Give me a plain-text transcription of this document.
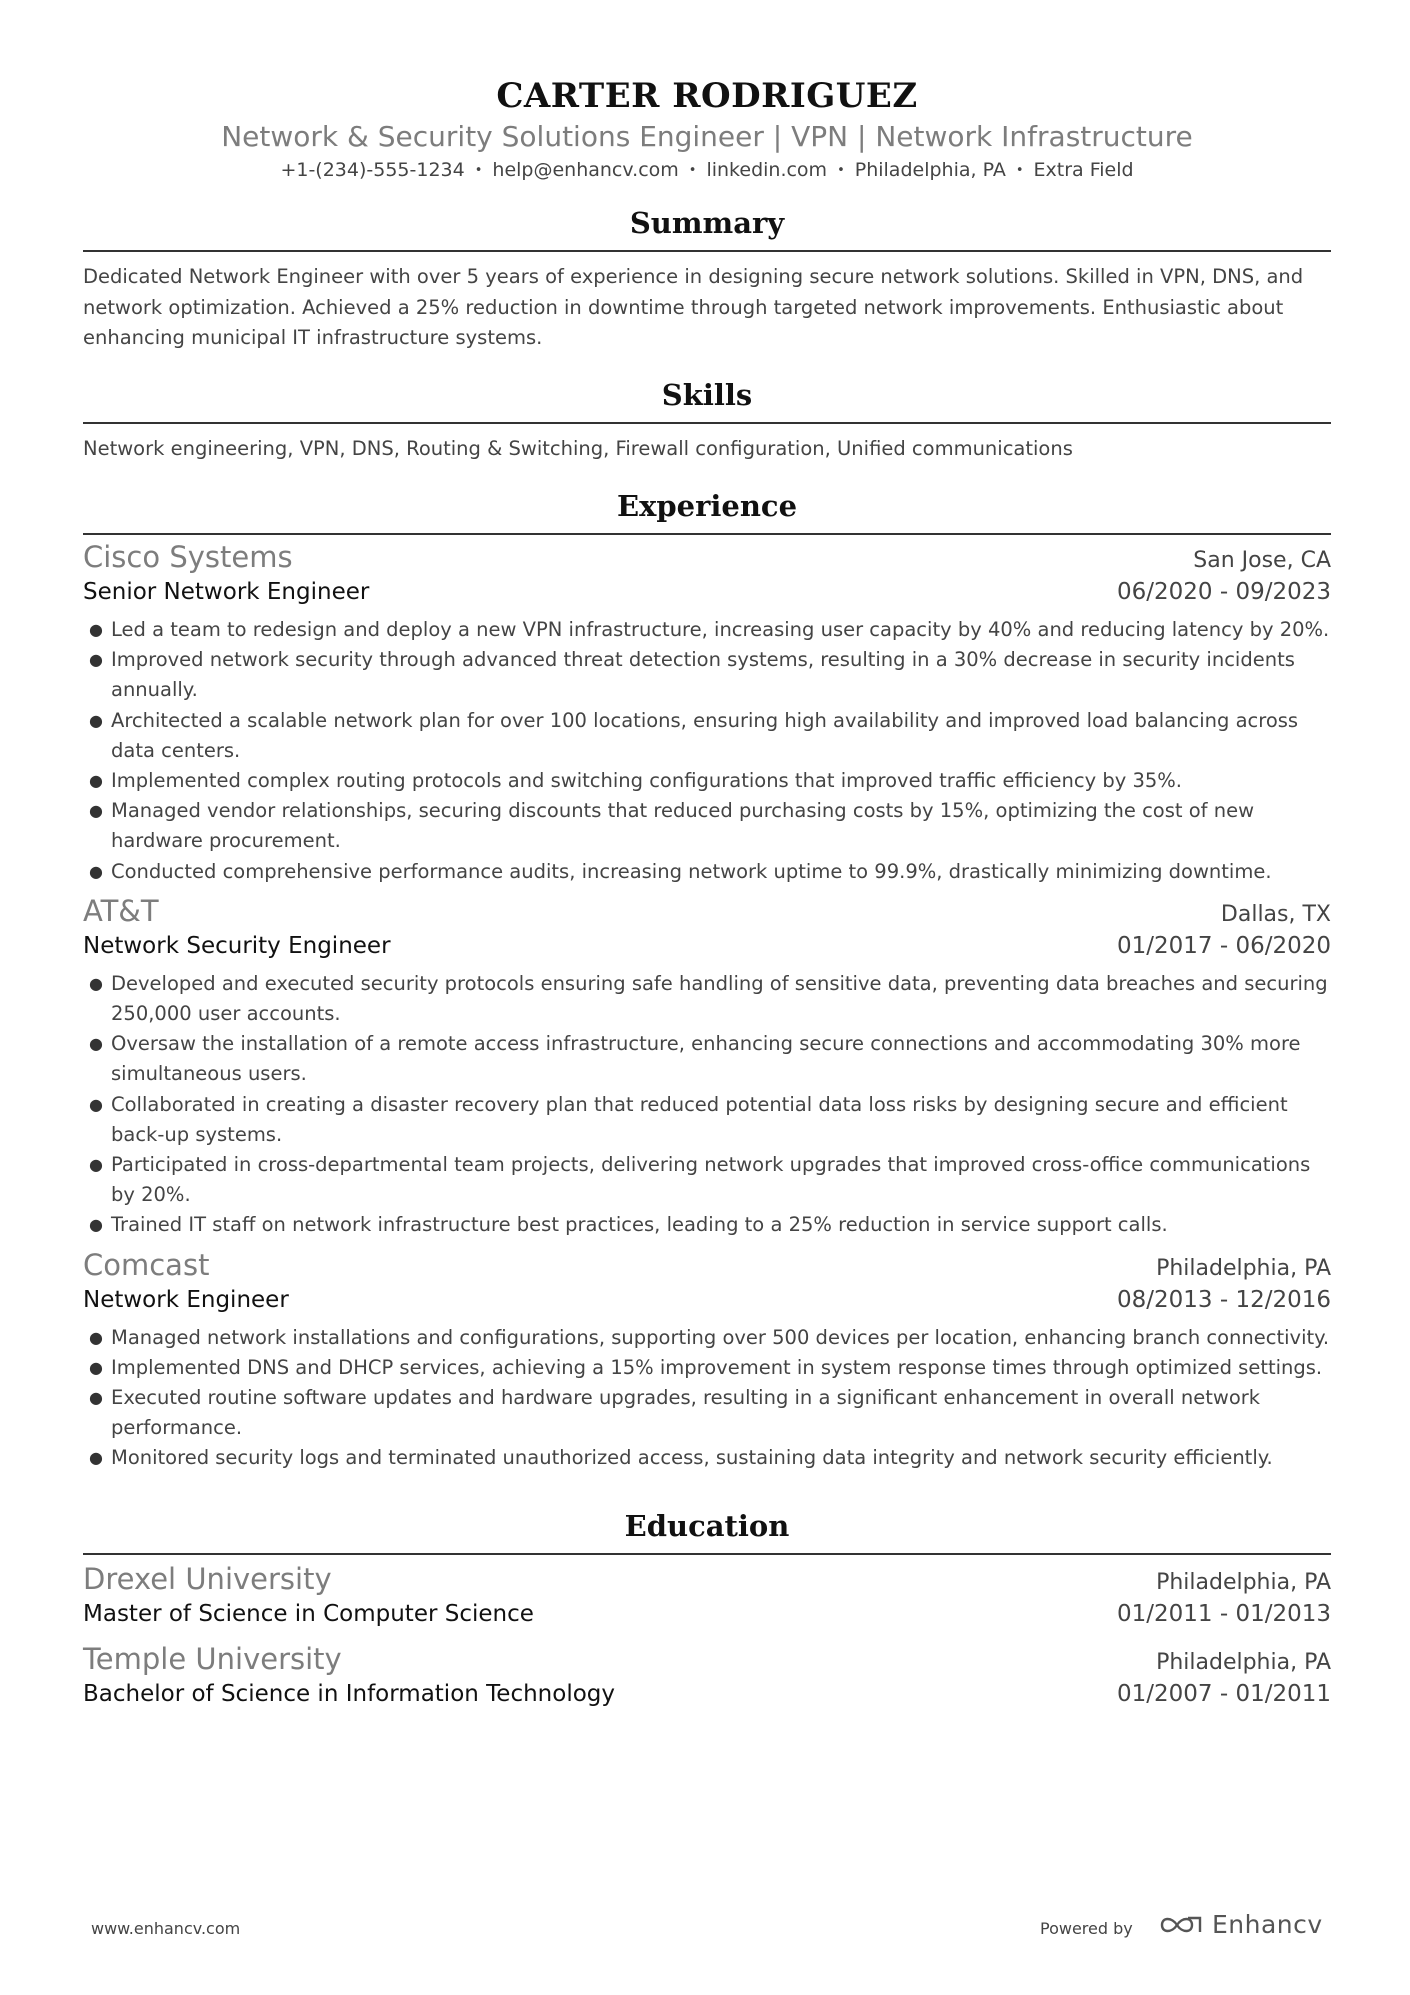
CARTER RODRIGUEZ
Network & Security Solutions Engineer | VPN | Network Infrastructure
+1-(234)-555-1234 • help@enhancv.com • linkedin.com • Philadelphia, PA • Extra Field
Summary
Dedicated Network Engineer with over 5 years of experience in designing secure network solutions. Skilled in VPN, DNS, and network optimization. Achieved a 25% reduction in downtime through targeted network improvements. Enthusiastic about enhancing municipal IT infrastructure systems.
Skills
Network engineering, VPN, DNS, Routing & Switching, Firewall configuration, Unified communications
Experience
Cisco Systems	San Jose, CA
Senior Network Engineer	06/2020 - 09/2023
● Led a team to redesign and deploy a new VPN infrastructure, increasing user capacity by 40% and reducing latency by 20%.
● Improved network security through advanced threat detection systems, resulting in a 30% decrease in security incidents annually.
● Architected a scalable network plan for over 100 locations, ensuring high availability and improved load balancing across data centers.
● Implemented complex routing protocols and switching configurations that improved traffic efficiency by 35%.
● Managed vendor relationships, securing discounts that reduced purchasing costs by 15%, optimizing the cost of new hardware procurement.
● Conducted comprehensive performance audits, increasing network uptime to 99.9%, drastically minimizing downtime.
AT&T	Dallas, TX
Network Security Engineer	01/2017 - 06/2020
● Developed and executed security protocols ensuring safe handling of sensitive data, preventing data breaches and securing 250,000 user accounts.
● Oversaw the installation of a remote access infrastructure, enhancing secure connections and accommodating 30% more simultaneous users.
● Collaborated in creating a disaster recovery plan that reduced potential data loss risks by designing secure and efficient back-up systems.
● Participated in cross-departmental team projects, delivering network upgrades that improved cross-office communications by 20%.
● Trained IT staff on network infrastructure best practices, leading to a 25% reduction in service support calls.
Comcast	Philadelphia, PA
Network Engineer	08/2013 - 12/2016
● Managed network installations and configurations, supporting over 500 devices per location, enhancing branch connectivity.
● Implemented DNS and DHCP services, achieving a 15% improvement in system response times through optimized settings.
● Executed routine software updates and hardware upgrades, resulting in a significant enhancement in overall network performance.
● Monitored security logs and terminated unauthorized access, sustaining data integrity and network security efficiently.
Education
Drexel University	Philadelphia, PA
Master of Science in Computer Science	01/2011 - 01/2013
Temple University	Philadelphia, PA
Bachelor of Science in Information Technology	01/2007 - 01/2011
www.enhancv.com	Powered by	Enhancv
